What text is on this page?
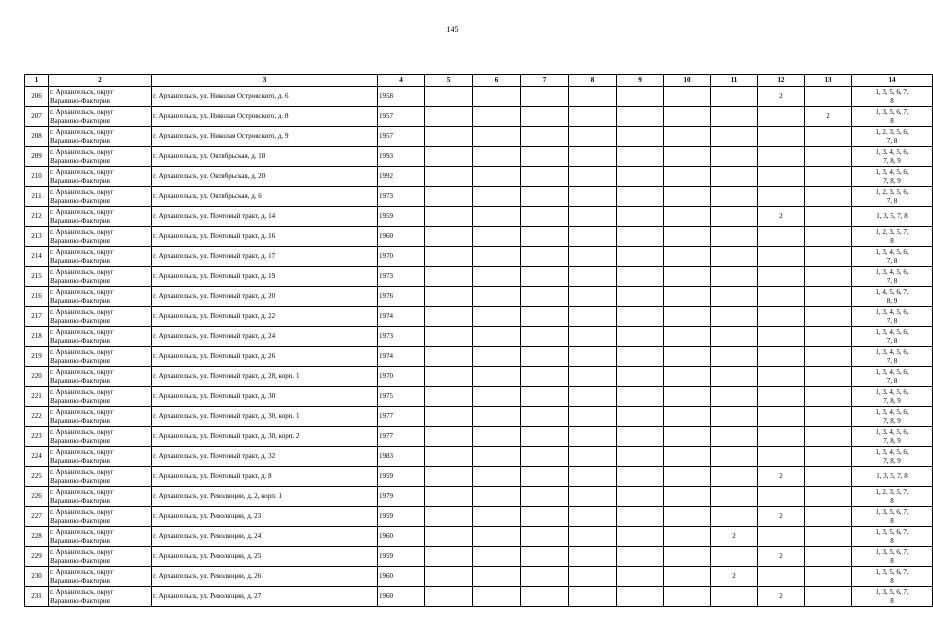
145
1	2	3	4	5	6	7	8	9	10	11	12	13	14
206	г. Архангельск, округ
Варавино-Фактория	г. Архангельск, ул. Николая Островского, д. 6	1958								2		1, 3, 5, 6, 7,
8
207	г. Архангельск, округ
Варавино-Фактория	г. Архангельск, ул. Николая Островского, д. 8	1957									2	1, 3, 5, 6, 7,
8
208	г. Архангельск, округ
Варавино-Фактория	г. Архангельск, ул. Николая Островского, д. 9	1957										1, 2, 3, 5, 6,
7, 8
209	г. Архангельск, округ
Варавино-Фактория	г. Архангельск, ул. Октябрьская, д. 18	1993										1, 3, 4, 5, 6,
7, 8, 9
210	г. Архангельск, округ
Варавино-Фактория	г. Архангельск, ул. Октябрьская, д. 20	1992										1, 3, 4, 5, 6,
7, 8, 9
211	г. Архангельск, округ
Варавино-Фактория	г. Архангельск, ул. Октябрьская, д. 6	1973										1, 2, 3, 5, 6,
7, 8
212	г. Архангельск, округ
Варавино-Фактория	г. Архангельск, ул. Почтовый тракт, д. 14	1959								2		1, 3, 5, 7, 8
213	г. Архангельск, округ
Варавино-Фактория	г. Архангельск, ул. Почтовый тракт, д. 16	1960										1, 2, 3, 5, 7,
8
214	г. Архангельск, округ
Варавино-Фактория	г. Архангельск, ул. Почтовый тракт, д. 17	1970										1, 3, 4, 5, 6,
7, 8
215	г. Архангельск, округ
Варавино-Фактория	г. Архангельск, ул. Почтовый тракт, д. 19	1973										1, 3, 4, 5, 6,
7, 8
216	г. Архангельск, округ
Варавино-Фактория	г. Архангельск, ул. Почтовый тракт, д. 20	1976										1, 4, 5, 6, 7,
8, 9
217	г. Архангельск, округ
Варавино-Фактория	г. Архангельск, ул. Почтовый тракт, д. 22	1974										1, 3, 4, 5, 6,
7, 8
218	г. Архангельск, округ
Варавино-Фактория	г. Архангельск, ул. Почтовый тракт, д. 24	1973										1, 3, 4, 5, 6,
7, 8
219	г. Архангельск, округ
Варавино-Фактория	г. Архангельск, ул. Почтовый тракт, д. 26	1974										1, 3, 4, 5, 6,
7, 8
220	г. Архангельск, округ
Варавино-Фактория	г. Архангельск, ул. Почтовый тракт, д. 28, корп. 1	1970										1, 3, 4, 5, 6,
7, 8
221	г. Архангельск, округ
Варавино-Фактория	г. Архангельск, ул. Почтовый тракт, д. 30	1975										1, 3, 4, 5, 6,
7, 8, 9
222	г. Архангельск, округ
Варавино-Фактория	г. Архангельск, ул. Почтовый тракт, д. 30, корп. 1	1977										1, 3, 4, 5, 6,
7, 8, 9
223	г. Архангельск, округ
Варавино-Фактория	г. Архангельск, ул. Почтовый тракт, д. 30, корп. 2	1977										1, 3, 4, 5, 6,
7, 8, 9
224	г. Архангельск, округ
Варавино-Фактория	г. Архангельск, ул. Почтовый тракт, д. 32	1983										1, 3, 4, 5, 6,
7, 8, 9
225	г. Архангельск, округ
Варавино-Фактория	г. Архангельск, ул. Почтовый тракт, д. 8	1959								2		1, 3, 5, 7, 8
226	г. Архангельск, округ
Варавино-Фактория	г. Архангельск, ул. Революции, д. 2, корп. 1	1979										1, 2, 3, 5, 7,
8
227	г. Архангельск, округ
Варавино-Фактория	г. Архангельск, ул. Революции, д. 23	1959								2		1, 3, 5, 6, 7,
8
228	г. Архангельск, округ
Варавино-Фактория	г. Архангельск, ул. Революции, д. 24	1960							2			1, 3, 5, 6, 7,
8
229	г. Архангельск, округ
Варавино-Фактория	г. Архангельск, ул. Революции, д. 25	1959								2		1, 3, 5, 6, 7,
8
230	г. Архангельск, округ
Варавино-Фактория	г. Архангельск, ул. Революции, д. 26	1960							2			1, 3, 5, 6, 7,
8
231	г. Архангельск, округ
Варавино-Фактория	г. Архангельск, ул. Революции, д. 27	1960								2		1, 3, 5, 6, 7,
8
